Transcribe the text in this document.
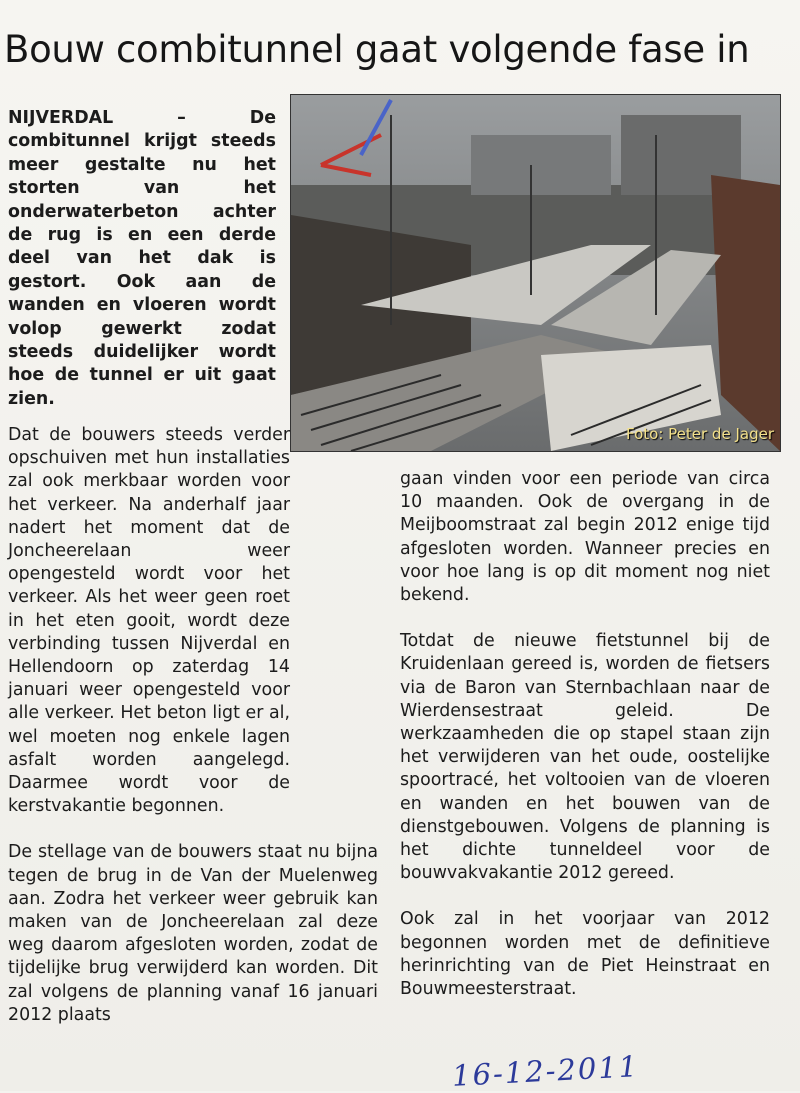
Bouw combitunnel gaat volgende fase in
Foto: Peter de Jager

NIJVERDAL – De combitunnel krijgt steeds meer gestalte nu het storten van het onderwaterbeton achter de rug is en een derde deel van het dak is gestort. Ook aan de wanden en vloeren wordt volop gewerkt zodat steeds duidelijker wordt hoe de tunnel er uit gaat zien.

Dat de bouwers steeds verder opschuiven met hun installaties zal ook merkbaar worden voor het verkeer. Na anderhalf jaar nadert het moment dat de Joncheerelaan weer opengesteld wordt voor het verkeer. Als het weer geen roet in het eten gooit, wordt deze verbinding tussen Nijverdal en Hellendoorn op zaterdag 14 januari weer opengesteld voor alle verkeer. Het beton ligt er al, wel moeten nog enkele lagen asfalt worden aangelegd. Daarmee wordt voor de kerstvakantie begonnen.

De stellage van de bouwers staat nu bijna tegen de brug in de Van der Muelenweg aan. Zodra het verkeer weer gebruik kan maken van de Joncheerelaan zal deze weg daarom afgesloten worden, zodat de tijdelijke brug verwijderd kan worden. Dit zal volgens de planning vanaf 16 januari 2012 plaats

gaan vinden voor een periode van circa 10 maanden. Ook de overgang in de Meijboomstraat zal begin 2012 enige tijd afgesloten worden. Wanneer precies en voor hoe lang is op dit moment nog niet bekend.

Totdat de nieuwe fietstunnel bij de Kruidenlaan gereed is, worden de fietsers via de Baron van Sternbachlaan naar de Wierdensestraat geleid. De werkzaamheden die op stapel staan zijn het verwijderen van het oude, oostelijke spoortracé, het voltooien van de vloeren en wanden en het bouwen van de dienstgebouwen. Volgens de planning is het dichte tunneldeel voor de bouwvakvakantie 2012 gereed.

Ook zal in het voorjaar van 2012 begonnen worden met de definitieve herinrichting van de Piet Heinstraat en Bouwmeesterstraat.

16-12-2011
